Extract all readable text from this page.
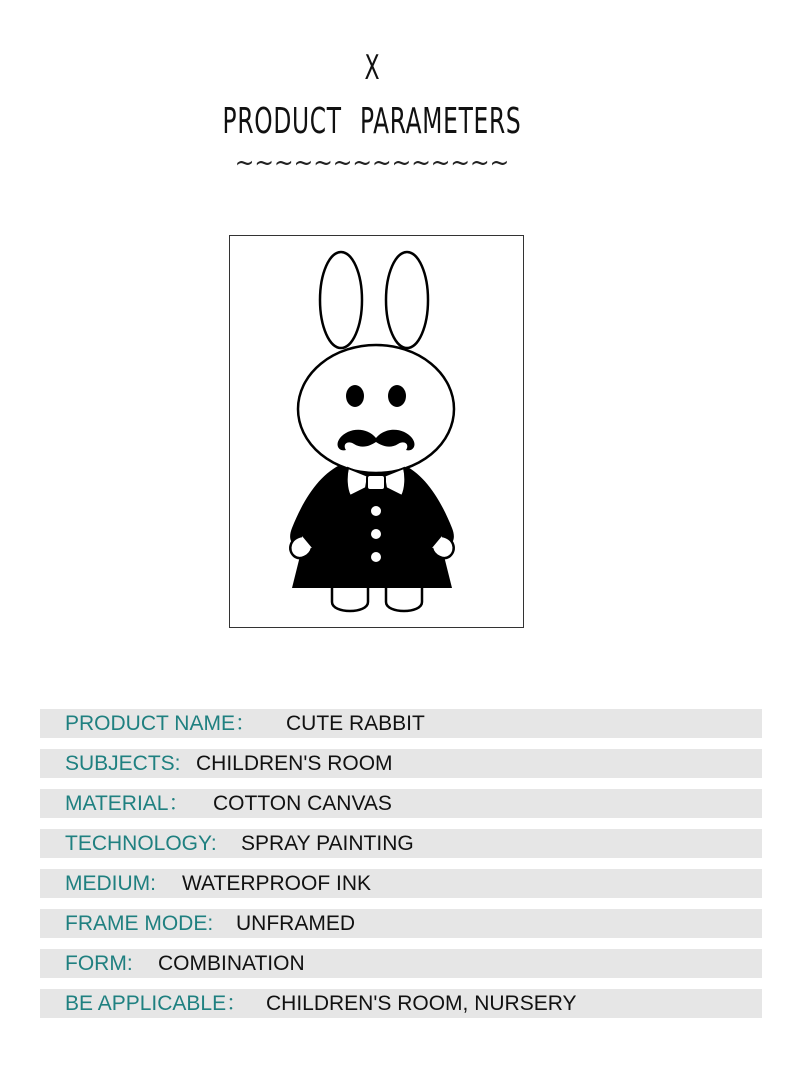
X
PRODUCT PARAMETERS
~~~~~~~~~~~~~~
PRODUCT NAME：	CUTE RABBIT
SUBJECTS: CHILDREN'S ROOM
MATERIAL：	COTTON CANVAS
TECHNOLOGY:	SPRAY PAINTING
MEDIUM:	WATERPROOF INK
FRAME MODE:	UNFRAMED
FORM:	COMBINATION
BE APPLICABLE： CHILDREN'S ROOM, NURSERY
